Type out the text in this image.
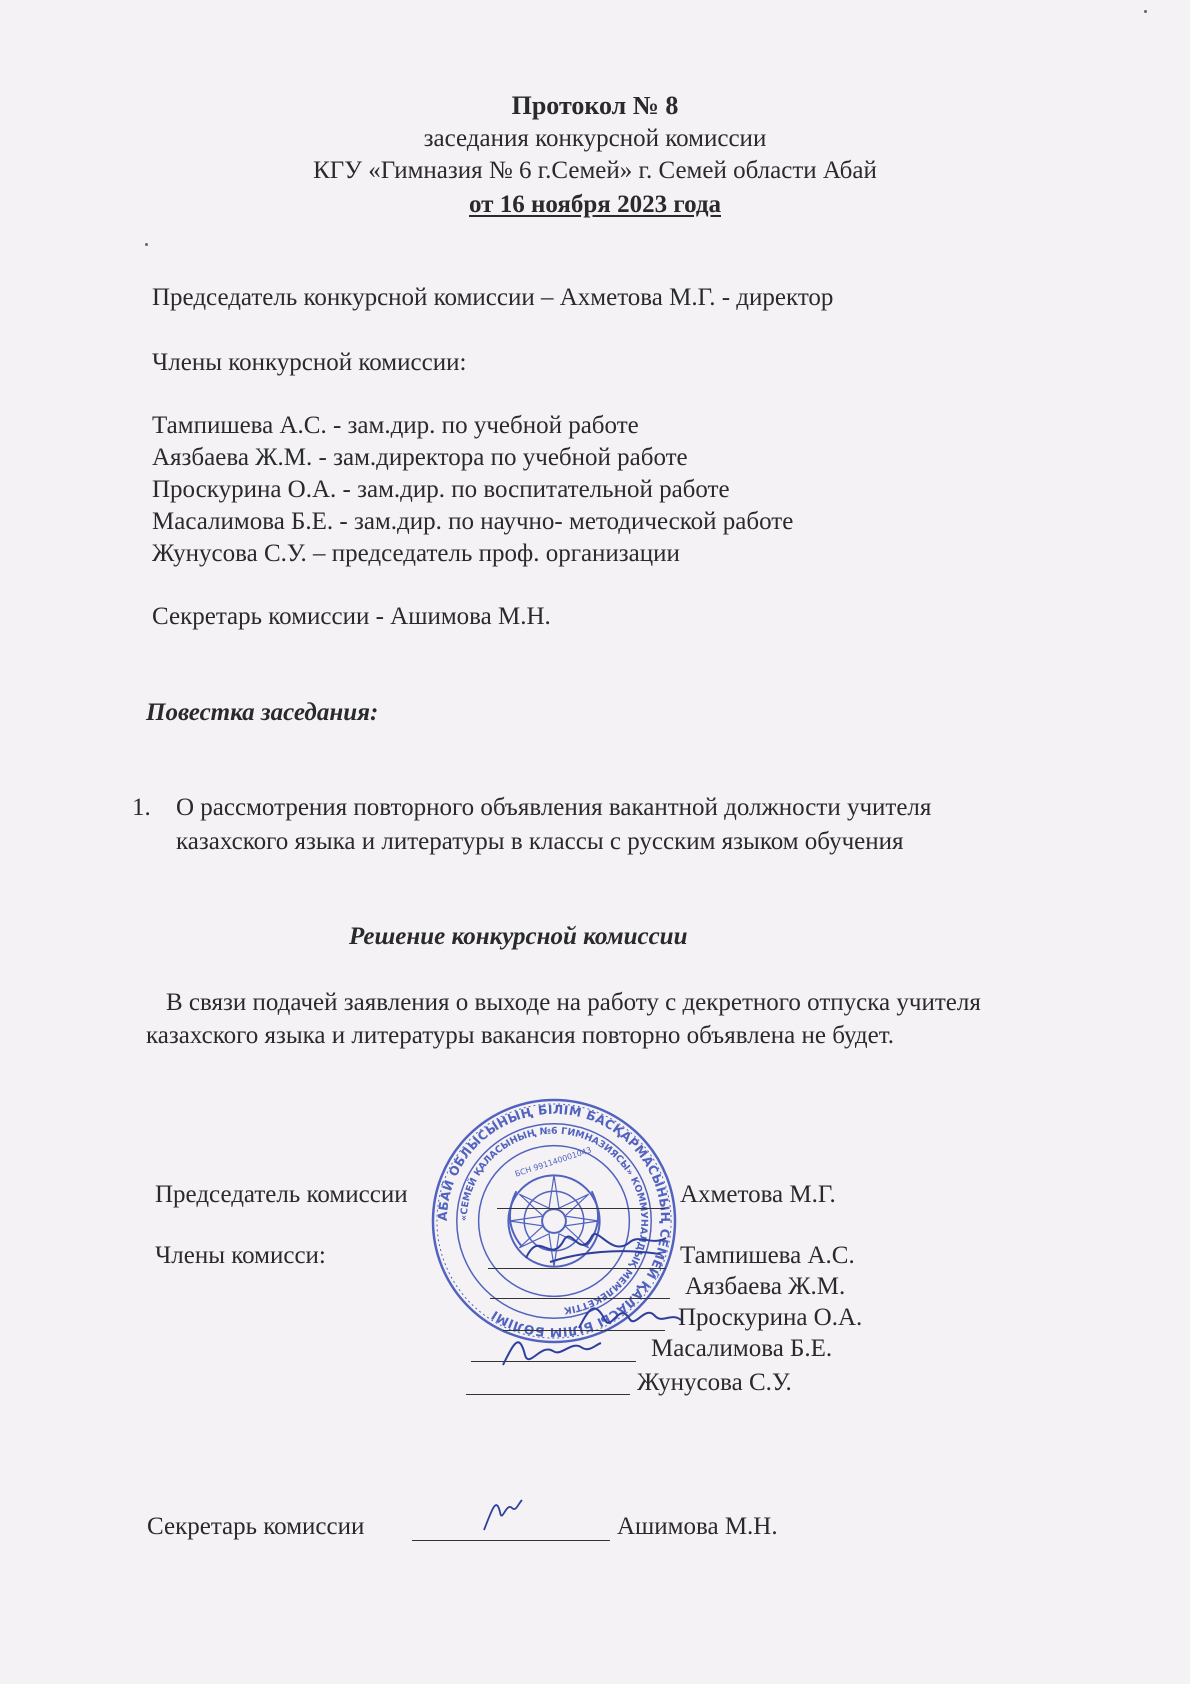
Протокол № 8
заседания конкурсной комиссии
КГУ «Гимназия № 6 г.Семей» г. Семей области Абай
от 16 ноября 2023 года
Председатель конкурсной комиссии – Ахметова М.Г. - директор
Члены конкурсной комиссии:
Тампишева А.С. - зам.дир. по учебной работе
Аязбаева Ж.М. - зам.директора по учебной работе
Проскурина О.А. - зам.дир. по воспитательной работе
Масалимова Б.Е. - зам.дир. по научно- методической работе
Жунусова С.У. – председатель проф. организации
Секретарь комиссии - Ашимова М.Н.
Повестка заседания:
1. О рассмотрения повторного объявления вакантной должности учителя
казахского языка и литературы в классы с русским языком обучения
Решение конкурсной комиссии
В связи подачей заявления о выходе на работу с декретного отпуска учителя
казахского языка и литературы вакансия повторно объявлена не будет.
АБАЙ ОБЛЫСЫНЫҢ БІЛІМ БАСҚАРМАСЫНЫҢ СЕМЕЙ ҚАЛАСЫ БІЛІМ БӨЛІМІ
«СЕМЕЙ ҚАЛАСЫНЫҢ №6 ГИМНАЗИЯСЫ» КОММУНАЛДЫҚ МЕМЛЕКЕТТІК
БСН 991140001043
Председатель комиссии	Ахметова М.Г.
Члены комисси:	Тампишева А.С.
Аязбаева Ж.М.
Проскурина О.А.
Масалимова Б.Е.
Жунусова С.У.
Секретарь комиссии	Ашимова М.Н.
